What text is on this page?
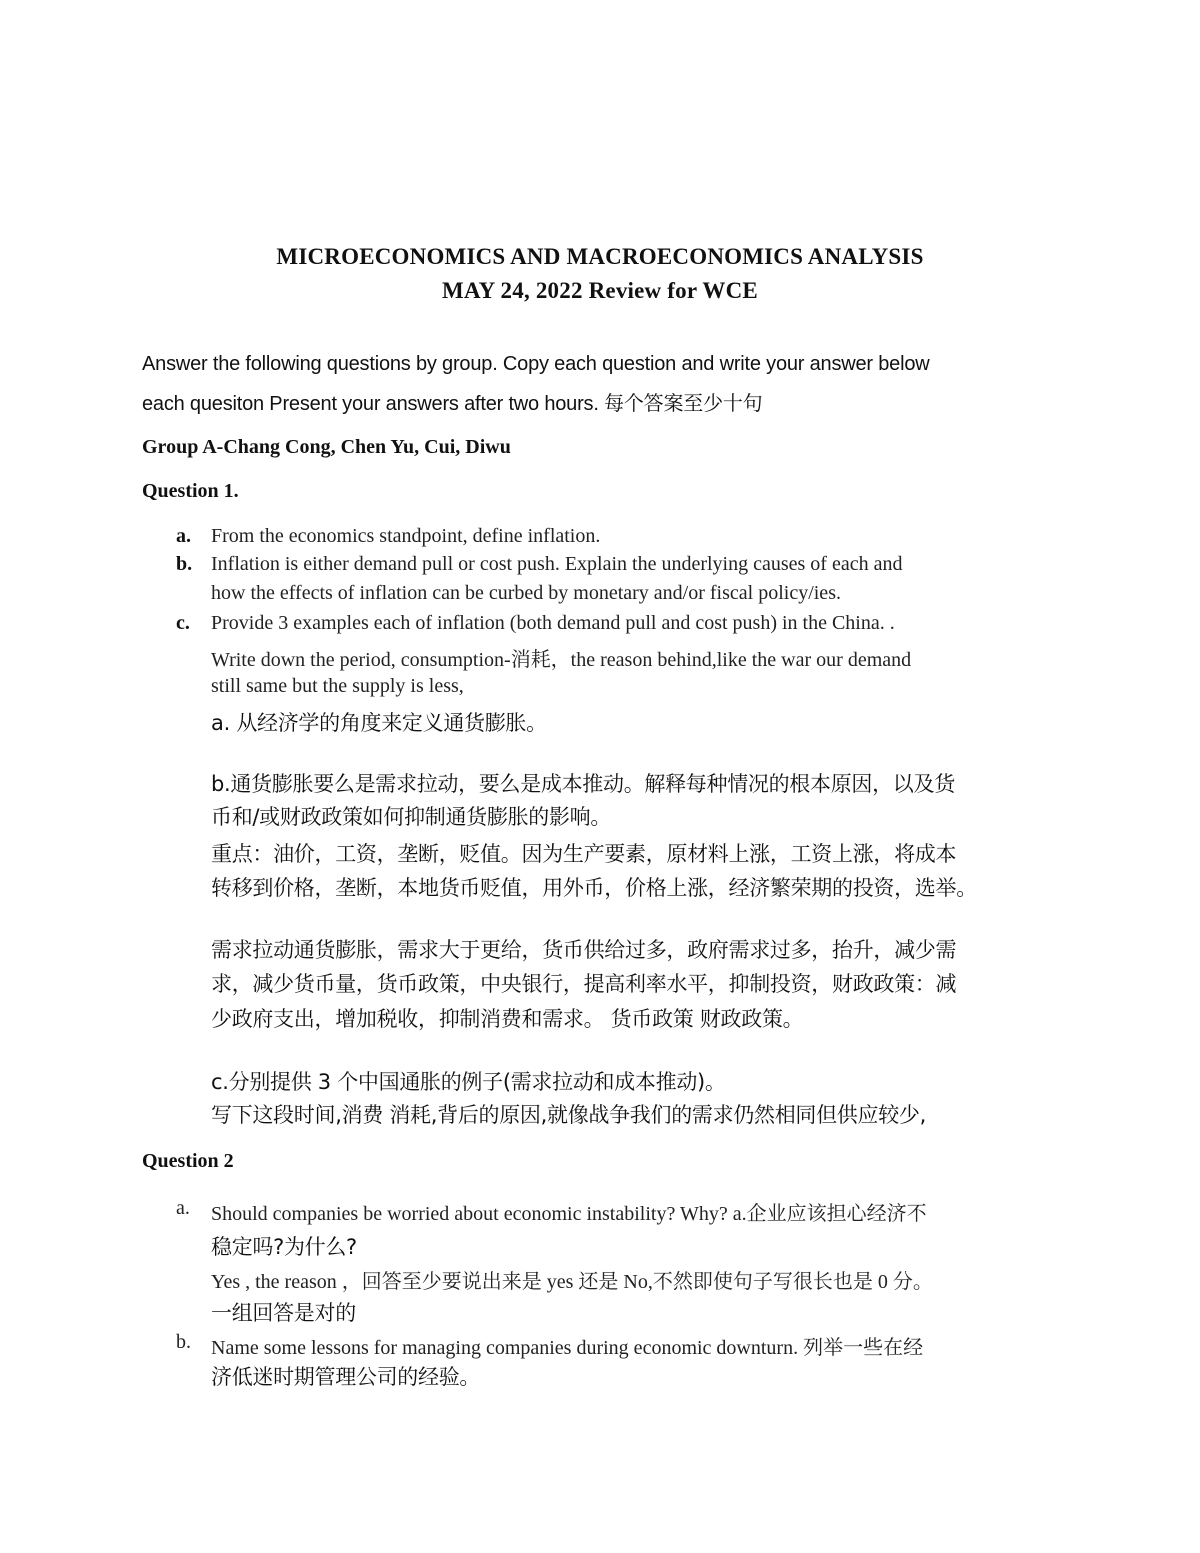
MICROECONOMICS AND MACROECONOMICS ANALYSIS
MAY 24, 2022 Review for WCE
Answer the following questions by group. Copy each question and write your answer below
each quesiton Present your answers after two hours. 每个答案至少十句
Group A-Chang Cong, Chen Yu, Cui, Diwu
Question 1.
a. From the economics standpoint, define inflation.
b. Inflation is either demand pull or cost push. Explain the underlying causes of each and
how the effects of inflation can be curbed by monetary and/or fiscal policy/ies.
c. Provide 3 examples each of inflation (both demand pull and cost push) in the China. .
Write down the period, consumption-消耗，the reason behind,like the war our demand
still same but the supply is less,
a. 从经济学的角度来定义通货膨胀。
b.通货膨胀要么是需求拉动，要么是成本推动。解释每种情况的根本原因，以及货
币和/或财政政策如何抑制通货膨胀的影响。
重点：油价，工资，垄断，贬值。因为生产要素，原材料上涨，工资上涨，将成本
转移到价格，垄断，本地货币贬值，用外币，价格上涨，经济繁荣期的投资，选举。
需求拉动通货膨胀，需求大于更给，货币供给过多，政府需求过多，抬升，减少需
求，减少货币量，货币政策，中央银行，提高利率水平，抑制投资，财政政策：减
少政府支出，增加税收，抑制消费和需求。 货币政策 财政政策。
c.分别提供 3 个中国通胀的例子(需求拉动和成本推动)。
写下这段时间,消费 消耗,背后的原因,就像战争我们的需求仍然相同但供应较少,
Question 2
a. Should companies be worried about economic instability? Why? a.企业应该担心经济不
稳定吗?为什么?
Yes , the reason ，回答至少要说出来是 yes 还是 No,不然即使句子写很长也是 0 分。
一组回答是对的
b. Name some lessons for managing companies during economic downturn. 列举一些在经
济低迷时期管理公司的经验。
